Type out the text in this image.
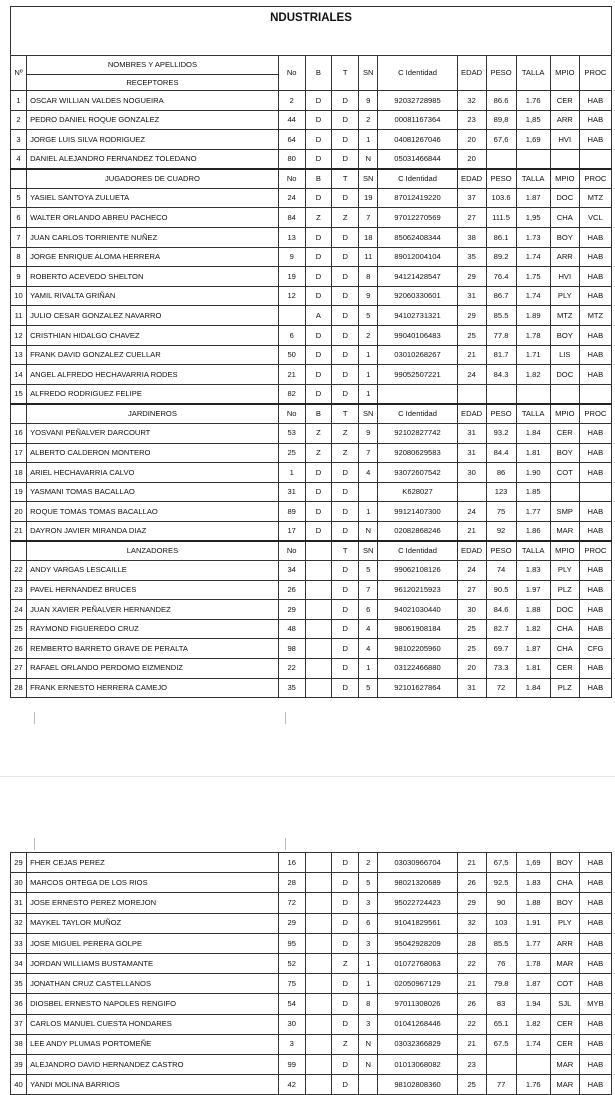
NDUSTRIALES											
Nº	NOMBRES Y APELLIDOS	No	B	T	SN	C Identidad	EDAD	PESO	TALLA	MPIO	PROC
	RECEPTORES										
1	OSCAR WILLIAN VALDES NOGUEIRA	2	D	D	9	92032728985	32	86.6	1.76	CER	HAB
2	PEDRO DANIEL ROQUE GONZALEZ	44	D	D	2	00081167364	23	89,8	1,85	ARR	HAB
3	JORGE LUIS SILVA RODRIGUEZ	64	D	D	1	04081267046	20	67,6	1,69	HVI	HAB
4	DANIEL ALEJANDRO FERNANDEZ TOLEDANO	80	D	D	N	05031466844	20				
	JUGADORES DE CUADRO	No	B	T	SN	C Identidad	EDAD	PESO	TALLA	MPIO	PROC
5	YASIEL SANTOYA ZULUETA	24	D	D	19	87012419220	37	103.6	1.87	DOC	MTZ
6	WALTER ORLANDO ABREU PACHECO	84	Z	Z	7	97012270569	27	111.5	1,95	CHA	VCL
7	JUAN CARLOS TORRIENTE NUÑEZ	13	D	D	18	85062408344	38	86.1	1.73	BOY	HAB
8	JORGE ENRIQUE ALOMA HERRERA	9	D	D	11	89012004104	35	89.2	1.74	ARR	HAB
9	ROBERTO ACEVEDO SHELTON	19	D	D	8	94121428547	29	76.4	1.75	HVI	HAB
10	YAMIL RIVALTA GRIÑAN	12	D	D	9	92060330601	31	86.7	1.74	PLY	HAB
11	JULIO CESAR GONZALEZ NAVARRO		A	D	5	94102731321	29	85.5	1.89	MTZ	MTZ
12	CRISTHIAN HIDALGO CHAVEZ	6	D	D	2	99040106483	25	77.8	1.78	BOY	HAB
13	FRANK DAVID GONZALEZ CUELLAR	50	D	D	1	03010268267	21	81.7	1.71	LIS	HAB
14	ANGEL ALFREDO HECHAVARRIA RODES	21	D	D	1	99052507221	24	84.3	1.82	DOC	HAB
15	ALFREDO RODRIGUEZ FELIPE	82	D	D	1						
	JARDINEROS	No	B	T	SN	C Identidad	EDAD	PESO	TALLA	MPIO	PROC
16	YOSVANI PEÑALVER DARCOURT	53	Z	Z	9	92102827742	31	93.2	1.84	CER	HAB
17	ALBERTO CALDERON MONTERO	25	Z	Z	7	92080629583	31	84.4	1.81	BOY	HAB
18	ARIEL HECHAVARRIA CALVO	1	D	D	4	93072607542	30	86	1.90	COT	HAB
19	YASMANI TOMAS BACALLAO	31	D	D		K628027		123	1.85		
20	ROQUE TOMAS TOMAS BACALLAO	89	D	D	1	99121407300	24	75	1.77	SMP	HAB
21	DAYRON JAVIER MIRANDA DIAZ	17	D	D	N	02082868246	21	92	1.86	MAR	HAB
	LANZADORES	No		T	SN	C Identidad	EDAD	PESO	TALLA	MPIO	PROC
22	ANDY VARGAS LESCAILLE	34		D	5	99062108126	24	74	1.83	PLY	HAB
23	PAVEL HERNANDEZ BRUCES	26		D	7	96120215923	27	90.5	1.97	PLZ	HAB
24	JUAN XAVIER PEÑALVER HERNANDEZ	29		D	6	94021030440	30	84.6	1.88	DOC	HAB
25	RAYMOND FIGUEREDO CRUZ	48		D	4	98061908184	25	82.7	1.82	CHA	HAB
26	REMBERTO BARRETO GRAVE DE PERALTA	98		D	4	98102205960	25	69.7	1.87	CHA	CFG
27	RAFAEL ORLANDO PERDOMO EIZMENDIZ	22		D	1	03122466880	20	73.3	1.81	CER	HAB
28	FRANK ERNESTO HERRERA CAMEJO	35		D	5	92101627864	31	72	1.84	PLZ	HAB
29	FHER CEJAS PEREZ	16		D	2	03030966704	21	67,5	1,69	BOY	HAB
30	MARCOS ORTEGA DE LOS RIOS	28		D	5	98021320689	26	92.5	1.83	CHA	HAB
31	JOSE ERNESTO PEREZ MOREJON	72		D	3	95022724423	29	90	1.88	BOY	HAB
32	MAYKEL TAYLOR MUÑOZ	29		D	6	91041829561	32	103	1.91	PLY	HAB
33	JOSE MIGUEL PERERA GOLPE	95		D	3	95042928209	28	85.5	1.77	ARR	HAB
34	JORDAN WILLIAMS BUSTAMANTE	52		Z	1	01072768063	22	76	1.78	MAR	HAB
35	JONATHAN CRUZ CASTELLANOS	75		D	1	02050967129	21	79.8	1.87	COT	HAB
36	DIOSBEL ERNESTO NAPOLES RENGIFO	54		D	8	97011308026	26	83	1.94	SJL	MYB
37	CARLOS MANUEL CUESTA HONDARES	30		D	3	01041268446	22	65.1	1.82	CER	HAB
38	LEE ANDY PLUMAS PORTOMEÑE	3		Z	N	03032366829	21	67.5	1.74	CER	HAB
39	ALEJANDRO DAVID HERNANDEZ CASTRO	99		D	N	01013068082	23			MAR	HAB
40	YANDI MOLINA BARRIOS	42		D		98102808360	25	77	1.76	MAR	HAB
